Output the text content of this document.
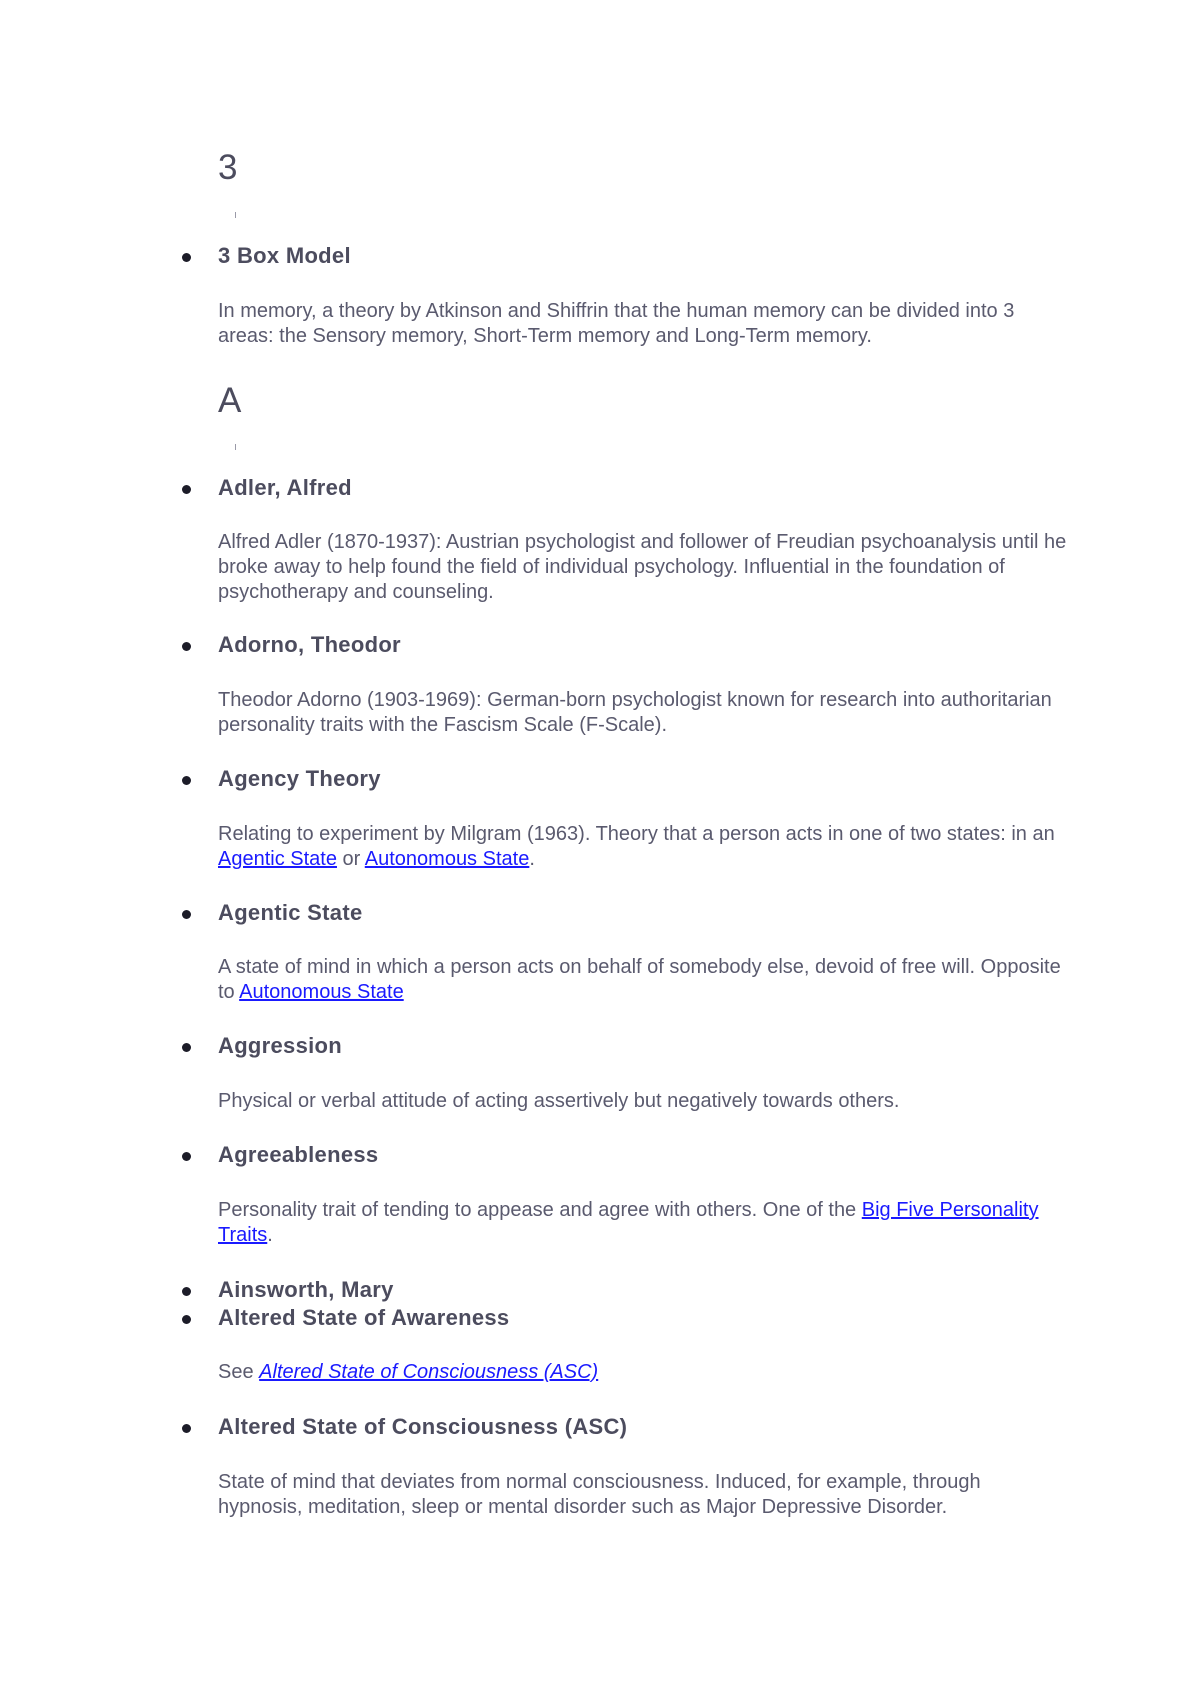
3
3 Box Model

In memory, a theory by Atkinson and Shiffrin that the human memory can be divided into 3 areas: the Sensory memory, Short-Term memory and Long-Term memory.

A
Adler, Alfred

Alfred Adler (1870-1937): Austrian psychologist and follower of Freudian psychoanalysis until he broke away to help found the field of individual psychology. Influential in the foundation of psychotherapy and counseling.

Adorno, Theodor

Theodor Adorno (1903-1969): German-born psychologist known for research into authoritarian personality traits with the Fascism Scale (F-Scale).

Agency Theory

Relating to experiment by Milgram (1963). Theory that a person acts in one of two states: in an Agentic State or Autonomous State.

Agentic State

A state of mind in which a person acts on behalf of somebody else, devoid of free will. Opposite to Autonomous State

Aggression

Physical or verbal attitude of acting assertively but negatively towards others.

Agreeableness

Personality trait of tending to appease and agree with others. One of the Big Five Personality Traits.

Ainsworth, Mary
Altered State of Awareness

See Altered State of Consciousness (ASC)

Altered State of Consciousness (ASC)

State of mind that deviates from normal consciousness. Induced, for example, through hypnosis, meditation, sleep or mental disorder such as Major Depressive Disorder.
